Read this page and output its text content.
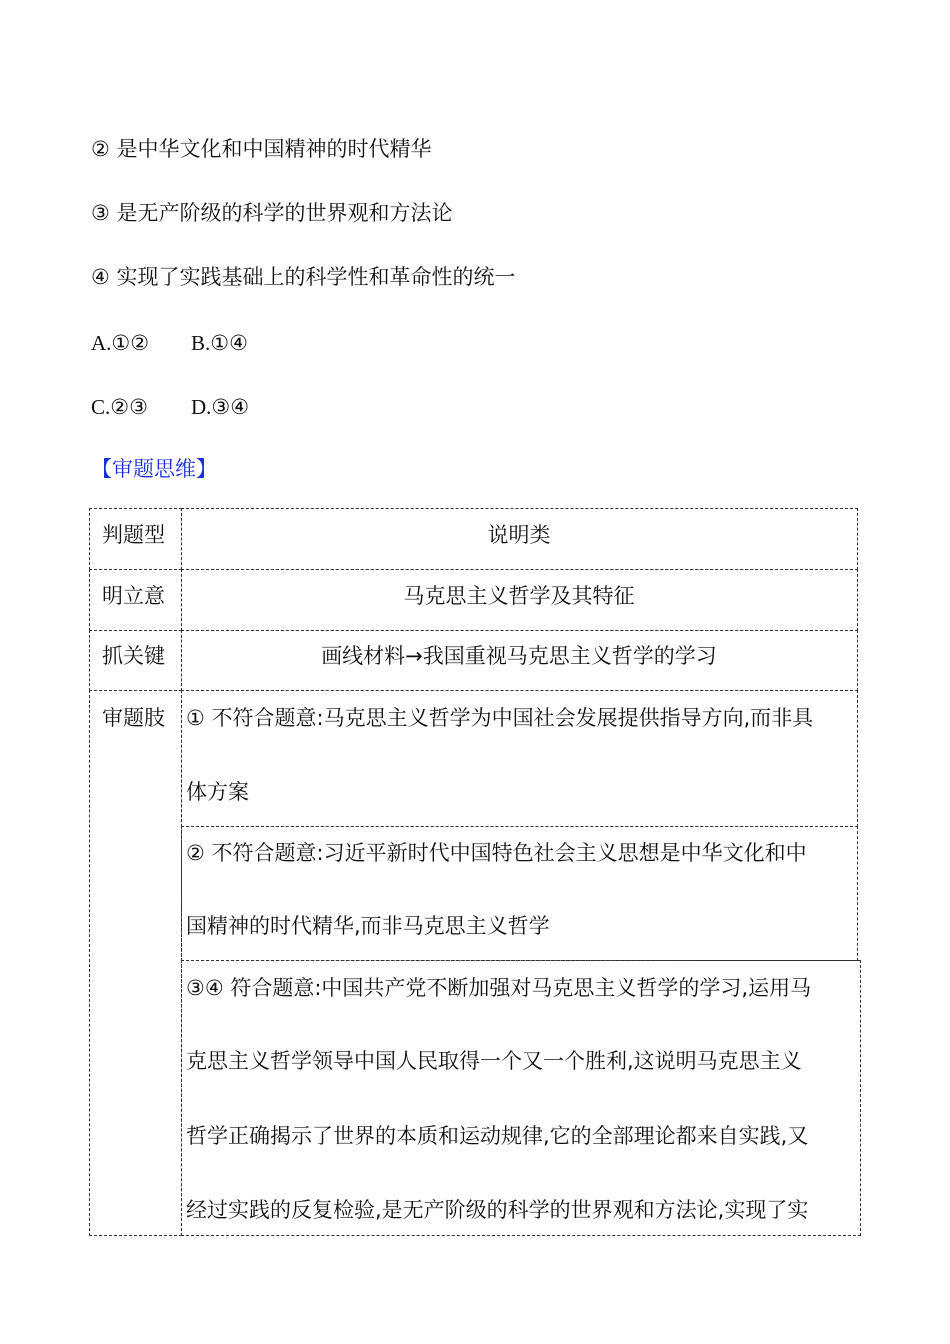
② 是中华文化和中国精神的时代精华
③ 是无产阶级的科学的世界观和方法论
④ 实现了实践基础上的科学性和革命性的统一
A.①② B.①④
C.②③ D.③④
【审题思维】
判题型	说明类
明立意	马克思主义哲学及其特征
抓关键	画线材料→我国重视马克思主义哲学的学习
审题肢 ① 不符合题意:马克思主义哲学为中国社会发展提供指导方向,而非具
体方案
② 不符合题意:习近平新时代中国特色社会主义思想是中华文化和中
国精神的时代精华,而非马克思主义哲学
③④ 符合题意:中国共产党不断加强对马克思主义哲学的学习,运用马
克思主义哲学领导中国人民取得一个又一个胜利,这说明马克思主义
哲学正确揭示了世界的本质和运动规律,它的全部理论都来自实践,又
经过实践的反复检验,是无产阶级的科学的世界观和方法论,实现了实
